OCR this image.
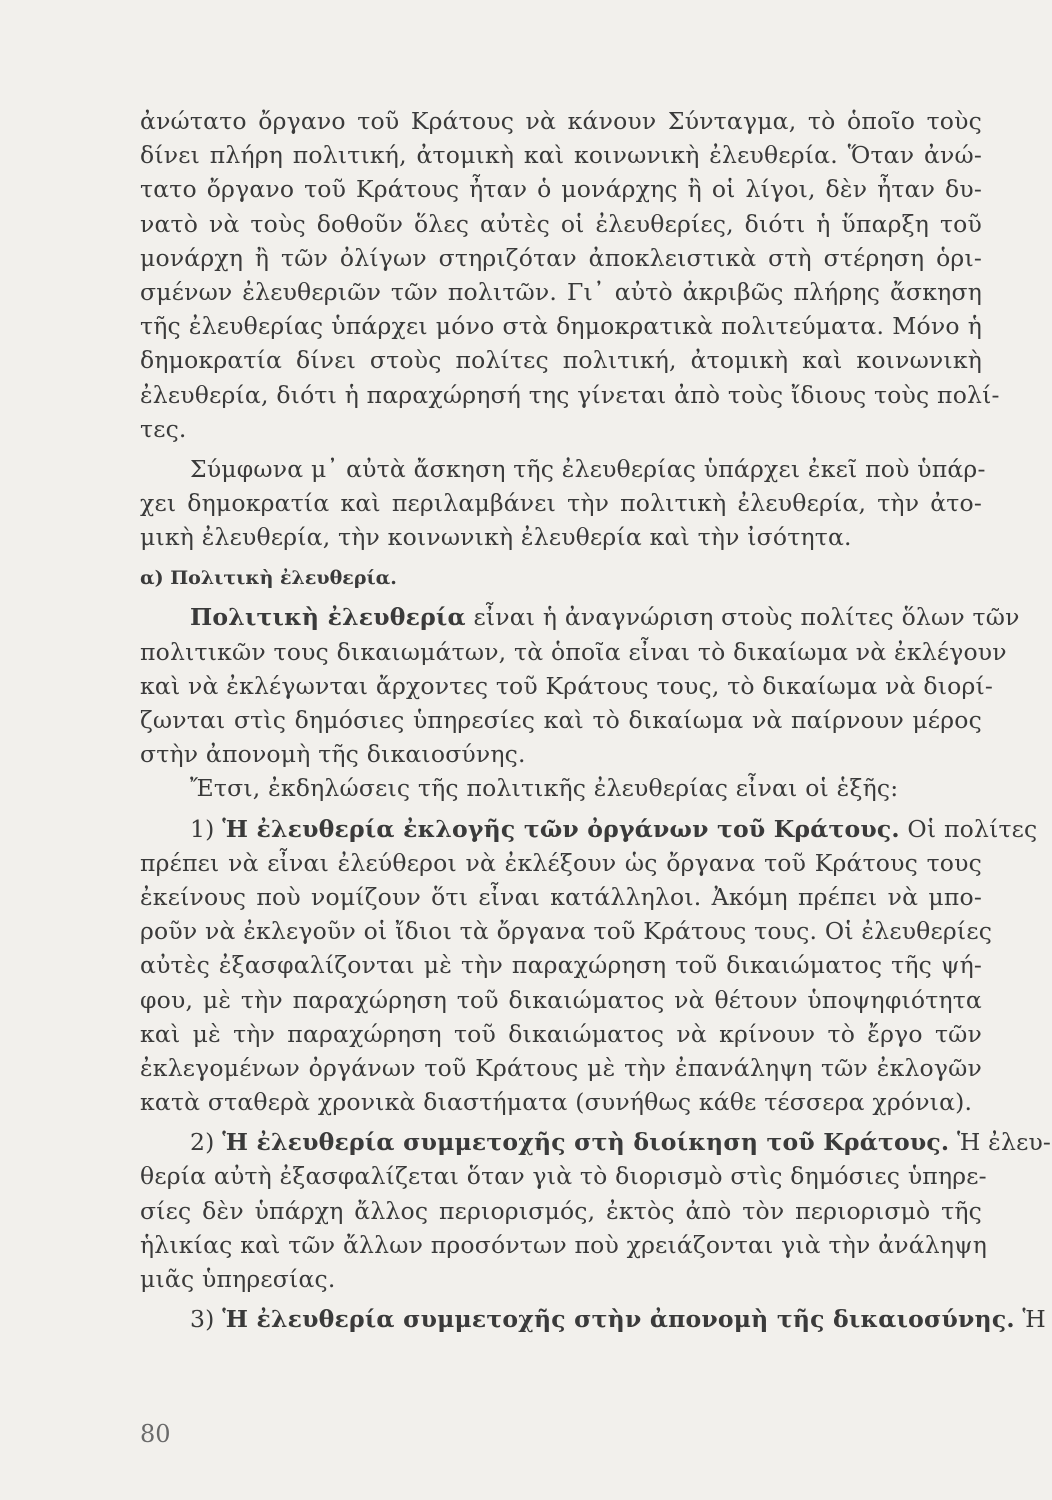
ἀνώτατο ὄργανο τοῦ Κράτους νὰ κάνουν Σύνταγμα, τὸ ὁποῖο τοὺς
δίνει πλήρη πολιτική, ἀτομικὴ καὶ κοινωνικὴ ἐλευθερία. Ὅταν ἀνώ-
τατο ὄργανο τοῦ Κράτους ἦταν ὁ μονάρχης ἢ οἱ λίγοι, δὲν ἦταν δυ-
νατὸ νὰ τοὺς δοθοῦν ὅλες αὐτὲς οἱ ἐλευθερίες, διότι ἡ ὕπαρξη τοῦ
μονάρχη ἢ τῶν ὀλίγων στηριζόταν ἀποκλειστικὰ στὴ στέρηση ὁρι-
σμένων ἐλευθεριῶν τῶν πολιτῶν. Γι᾽ αὐτὸ ἀκριβῶς πλήρης ἄσκηση
τῆς ἐλευθερίας ὑπάρχει μόνο στὰ δημοκρατικὰ πολιτεύματα. Μόνο ἡ
δημοκρατία δίνει στοὺς πολίτες πολιτική, ἀτομικὴ καὶ κοινωνικὴ
ἐλευθερία, διότι ἡ παραχώρησή της γίνεται ἀπὸ τοὺς ἴδιους τοὺς πολί-
τες.
Σύμφωνα μ᾽ αὐτὰ ἄσκηση τῆς ἐλευθερίας ὑπάρχει ἐκεῖ ποὺ ὑπάρ-
χει δημοκρατία καὶ περιλαμβάνει τὴν πολιτικὴ ἐλευθερία, τὴν ἀτο-
μικὴ ἐλευθερία, τὴν κοινωνικὴ ἐλευθερία καὶ τὴν ἰσότητα.
α) Πολιτικὴ ἐλευθερία.
Πολιτικὴ ἐλευθερία εἶναι ἡ ἀναγνώριση στοὺς πολίτες ὅλων τῶν
πολιτικῶν τους δικαιωμάτων, τὰ ὁποῖα εἶναι τὸ δικαίωμα νὰ ἐκλέγουν
καὶ νὰ ἐκλέγωνται ἄρχοντες τοῦ Κράτους τους, τὸ δικαίωμα νὰ διορί-
ζωνται στὶς δημόσιες ὑπηρεσίες καὶ τὸ δικαίωμα νὰ παίρνουν μέρος
στὴν ἀπονομὴ τῆς δικαιοσύνης.
Ἔτσι, ἐκδηλώσεις τῆς πολιτικῆς ἐλευθερίας εἶναι οἱ ἑξῆς:
1) Ἡ ἐλευθερία ἐκλογῆς τῶν ὀργάνων τοῦ Κράτους. Οἱ πολίτες
πρέπει νὰ εἶναι ἐλεύθεροι νὰ ἐκλέξουν ὡς ὄργανα τοῦ Κράτους τους
ἐκείνους ποὺ νομίζουν ὅτι εἶναι κατάλληλοι. Ἀκόμη πρέπει νὰ μπο-
ροῦν νὰ ἐκλεγοῦν οἱ ἴδιοι τὰ ὄργανα τοῦ Κράτους τους. Οἱ ἐλευθερίες
αὐτὲς ἐξασφαλίζονται μὲ τὴν παραχώρηση τοῦ δικαιώματος τῆς ψή-
φου, μὲ τὴν παραχώρηση τοῦ δικαιώματος νὰ θέτουν ὑποψηφιότητα
καὶ μὲ τὴν παραχώρηση τοῦ δικαιώματος νὰ κρίνουν τὸ ἔργο τῶν
ἐκλεγομένων ὀργάνων τοῦ Κράτους μὲ τὴν ἐπανάληψη τῶν ἐκλογῶν
κατὰ σταθερὰ χρονικὰ διαστήματα (συνήθως κάθε τέσσερα χρόνια).
2) Ἡ ἐλευθερία συμμετοχῆς στὴ διοίκηση τοῦ Κράτους. Ἡ ἐλευ-
θερία αὐτὴ ἐξασφαλίζεται ὅταν γιὰ τὸ διορισμὸ στὶς δημόσιες ὑπηρε-
σίες δὲν ὑπάρχη ἄλλος περιορισμός, ἐκτὸς ἀπὸ τὸν περιορισμὸ τῆς
ἡλικίας καὶ τῶν ἄλλων προσόντων ποὺ χρειάζονται γιὰ τὴν ἀνάληψη
μιᾶς ὑπηρεσίας.
3) Ἡ ἐλευθερία συμμετοχῆς στὴν ἀπονομὴ τῆς δικαιοσύνης. Ἡ
80
